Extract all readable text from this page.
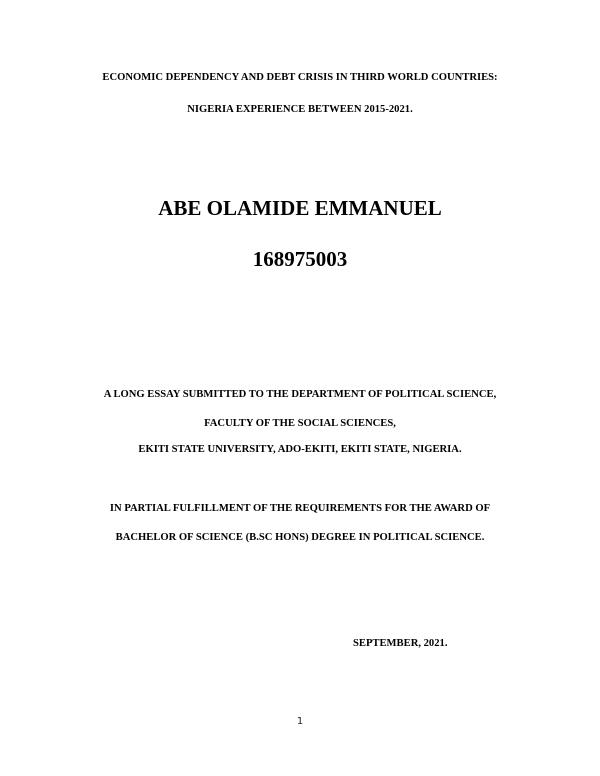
ECONOMIC DEPENDENCY AND DEBT CRISIS IN THIRD WORLD COUNTRIES:

NIGERIA EXPERIENCE BETWEEN 2015-2021.

ABE OLAMIDE EMMANUEL

168975003

A LONG ESSAY SUBMITTED TO THE DEPARTMENT OF POLITICAL SCIENCE,

FACULTY OF THE SOCIAL SCIENCES,

EKITI STATE UNIVERSITY, ADO-EKITI, EKITI STATE, NIGERIA.

IN PARTIAL FULFILLMENT OF THE REQUIREMENTS FOR THE AWARD OF

BACHELOR OF SCIENCE (B.SC HONS) DEGREE IN POLITICAL SCIENCE.

SEPTEMBER, 2021.
1
